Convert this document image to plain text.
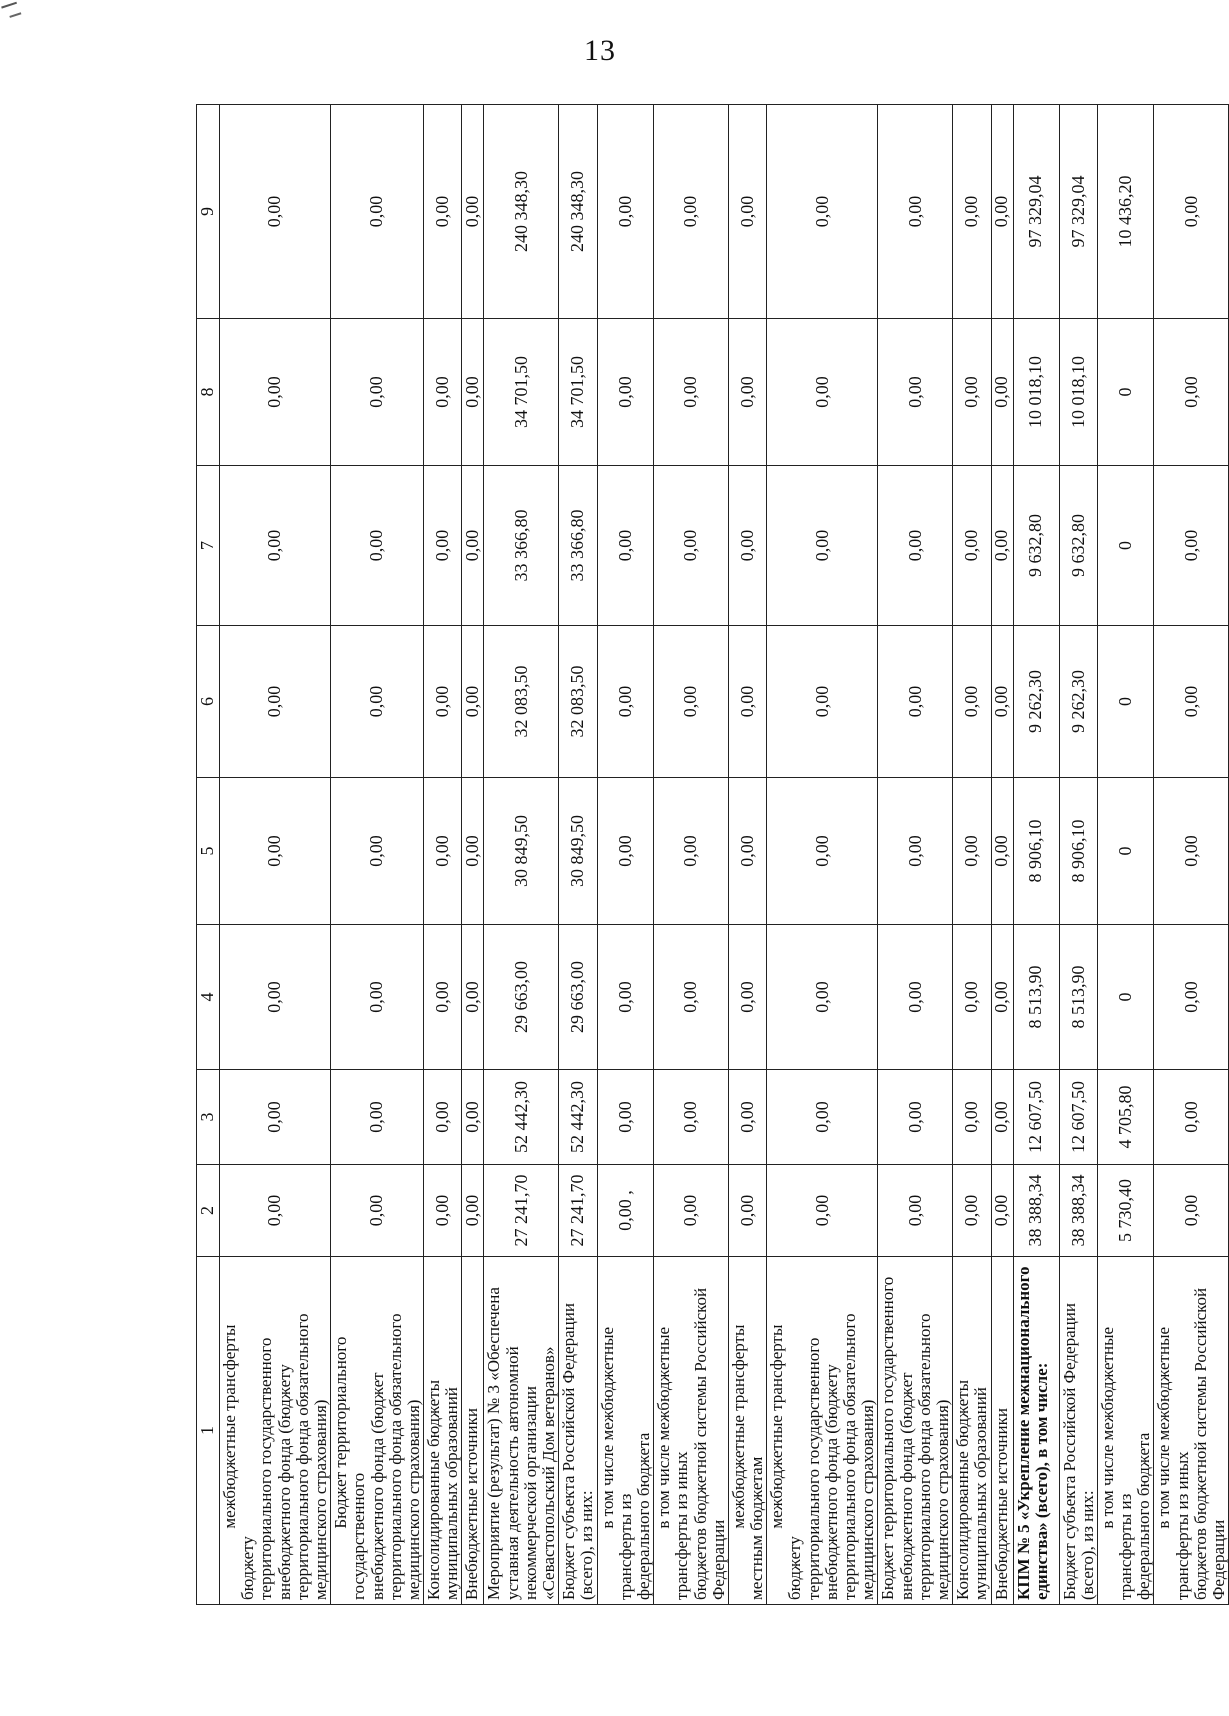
13
1	2	3	4	5	6	7	8	9

межбюджетные трансферты бюджету территориального государственного внебюджетного фонда (бюджету территориального фонда обязательного медицинского страхования)	0,00	0,00	0,00	0,00	0,00	0,00	0,00	0,00

Бюджет территориального государственного внебюджетного фонда (бюджет территориального фонда обязательного медицинского страхования)	0,00	0,00	0,00	0,00	0,00	0,00	0,00	0,00
Консолидированные бюджеты муниципальных образований	0,00	0,00	0,00	0,00	0,00	0,00	0,00	0,00
Внебюджетные источники	0,00	0,00	0,00	0,00	0,00	0,00	0,00	0,00
Мероприятие (результат) № 3 «Обеспечена уставная деятельность автономной некоммерческой организации «Севастопольский Дом ветеранов»	27 241,70	52 442,30	29 663,00	30 849,50	32 083,50	33 366,80	34 701,50	240 348,30
Бюджет субъекта Российской Федерации (всего), из них:	27 241,70	52 442,30	29 663,00	30 849,50	32 083,50	33 366,80	34 701,50	240 348,30

в том числе межбюджетные трансферты из федерального бюджета	0,00 ,	0,00	0,00	0,00	0,00	0,00	0,00	0,00

в том числе межбюджетные трансферты из иных бюджетов бюджетной системы Российской Федерации	0,00	0,00	0,00	0,00	0,00	0,00	0,00	0,00

межбюджетные трансферты местным бюджетам	0,00	0,00	0,00	0,00	0,00	0,00	0,00	0,00

межбюджетные трансферты бюджету территориального государственного внебюджетного фонда (бюджету территориального фонда обязательного медицинского страхования)	0,00	0,00	0,00	0,00	0,00	0,00	0,00	0,00
Бюджет территориального государственного внебюджетного фонда (бюджет территориального фонда обязательного медицинского страхования)	0,00	0,00	0,00	0,00	0,00	0,00	0,00	0,00
Консолидированные бюджеты муниципальных образований	0,00	0,00	0,00	0,00	0,00	0,00	0,00	0,00
Внебюджетные источники	0,00	0,00	0,00	0,00	0,00	0,00	0,00	0,00
КПМ № 5 «Укрепление межнационального единства» (всего), в том числе:	38 388,34	12 607,50	8 513,90	8 906,10	9 262,30	9 632,80	10 018,10	97 329,04
Бюджет субъекта Российской Федерации (всего), из них:	38 388,34	12 607,50	8 513,90	8 906,10	9 262,30	9 632,80	10 018,10	97 329,04

в том числе межбюджетные трансферты из федерального бюджета	5 730,40	4 705,80	0	0	0	0	0	10 436,20

в том числе межбюджетные трансферты из иных бюджетов бюджетной системы Российской Федерации	0,00	0,00	0,00	0,00	0,00	0,00	0,00	0,00
